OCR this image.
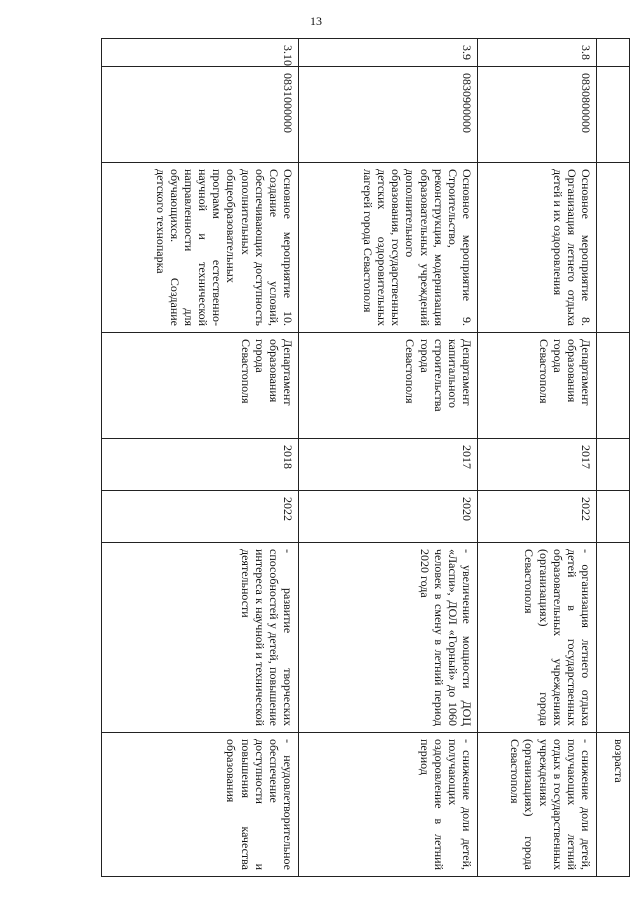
13
							возраста
3.8	0830800000	Основное мероприятие 8. Организация летнего отдыха детей и их оздоровления	Департамент образования города Севастополя	2017	2022	- организация летнего отдыха детей в государственных образовательных учреждениях (организациях) города Севастополя	- снижение доли детей, получающих летний отдых в государственных учреждениях (организациях) города Севастополя
3.9	0830900000	Основное мероприятие 9. Строительство, реконструкция, модернизация образовательных учреждений дополнительного образования, государственных детских оздоровительных лагерей города Севастополя	Департамент капитального строительства города Севастополя	2017	2020	- увеличение мощности ДОЦ «Ласпи», ДОЛ «Горный» до 1060 человек в смену в летний период 2020 года	- снижение доли детей, получающих оздоровление в летний период
3.10	0831000000	Основное мероприятие 10. Создание условий, обеспечивающих доступность дополнительных общеобразовательных программ естественно-научной и технической направленности для обучающихся. Создание детского технопарка	Департамент образования города Севастополя	2018	2022	- развитие творческих способностей у детей, повышение интереса к научной и технической деятельности	- неудовлетворительное обеспечение доступности и повышения качества образования
